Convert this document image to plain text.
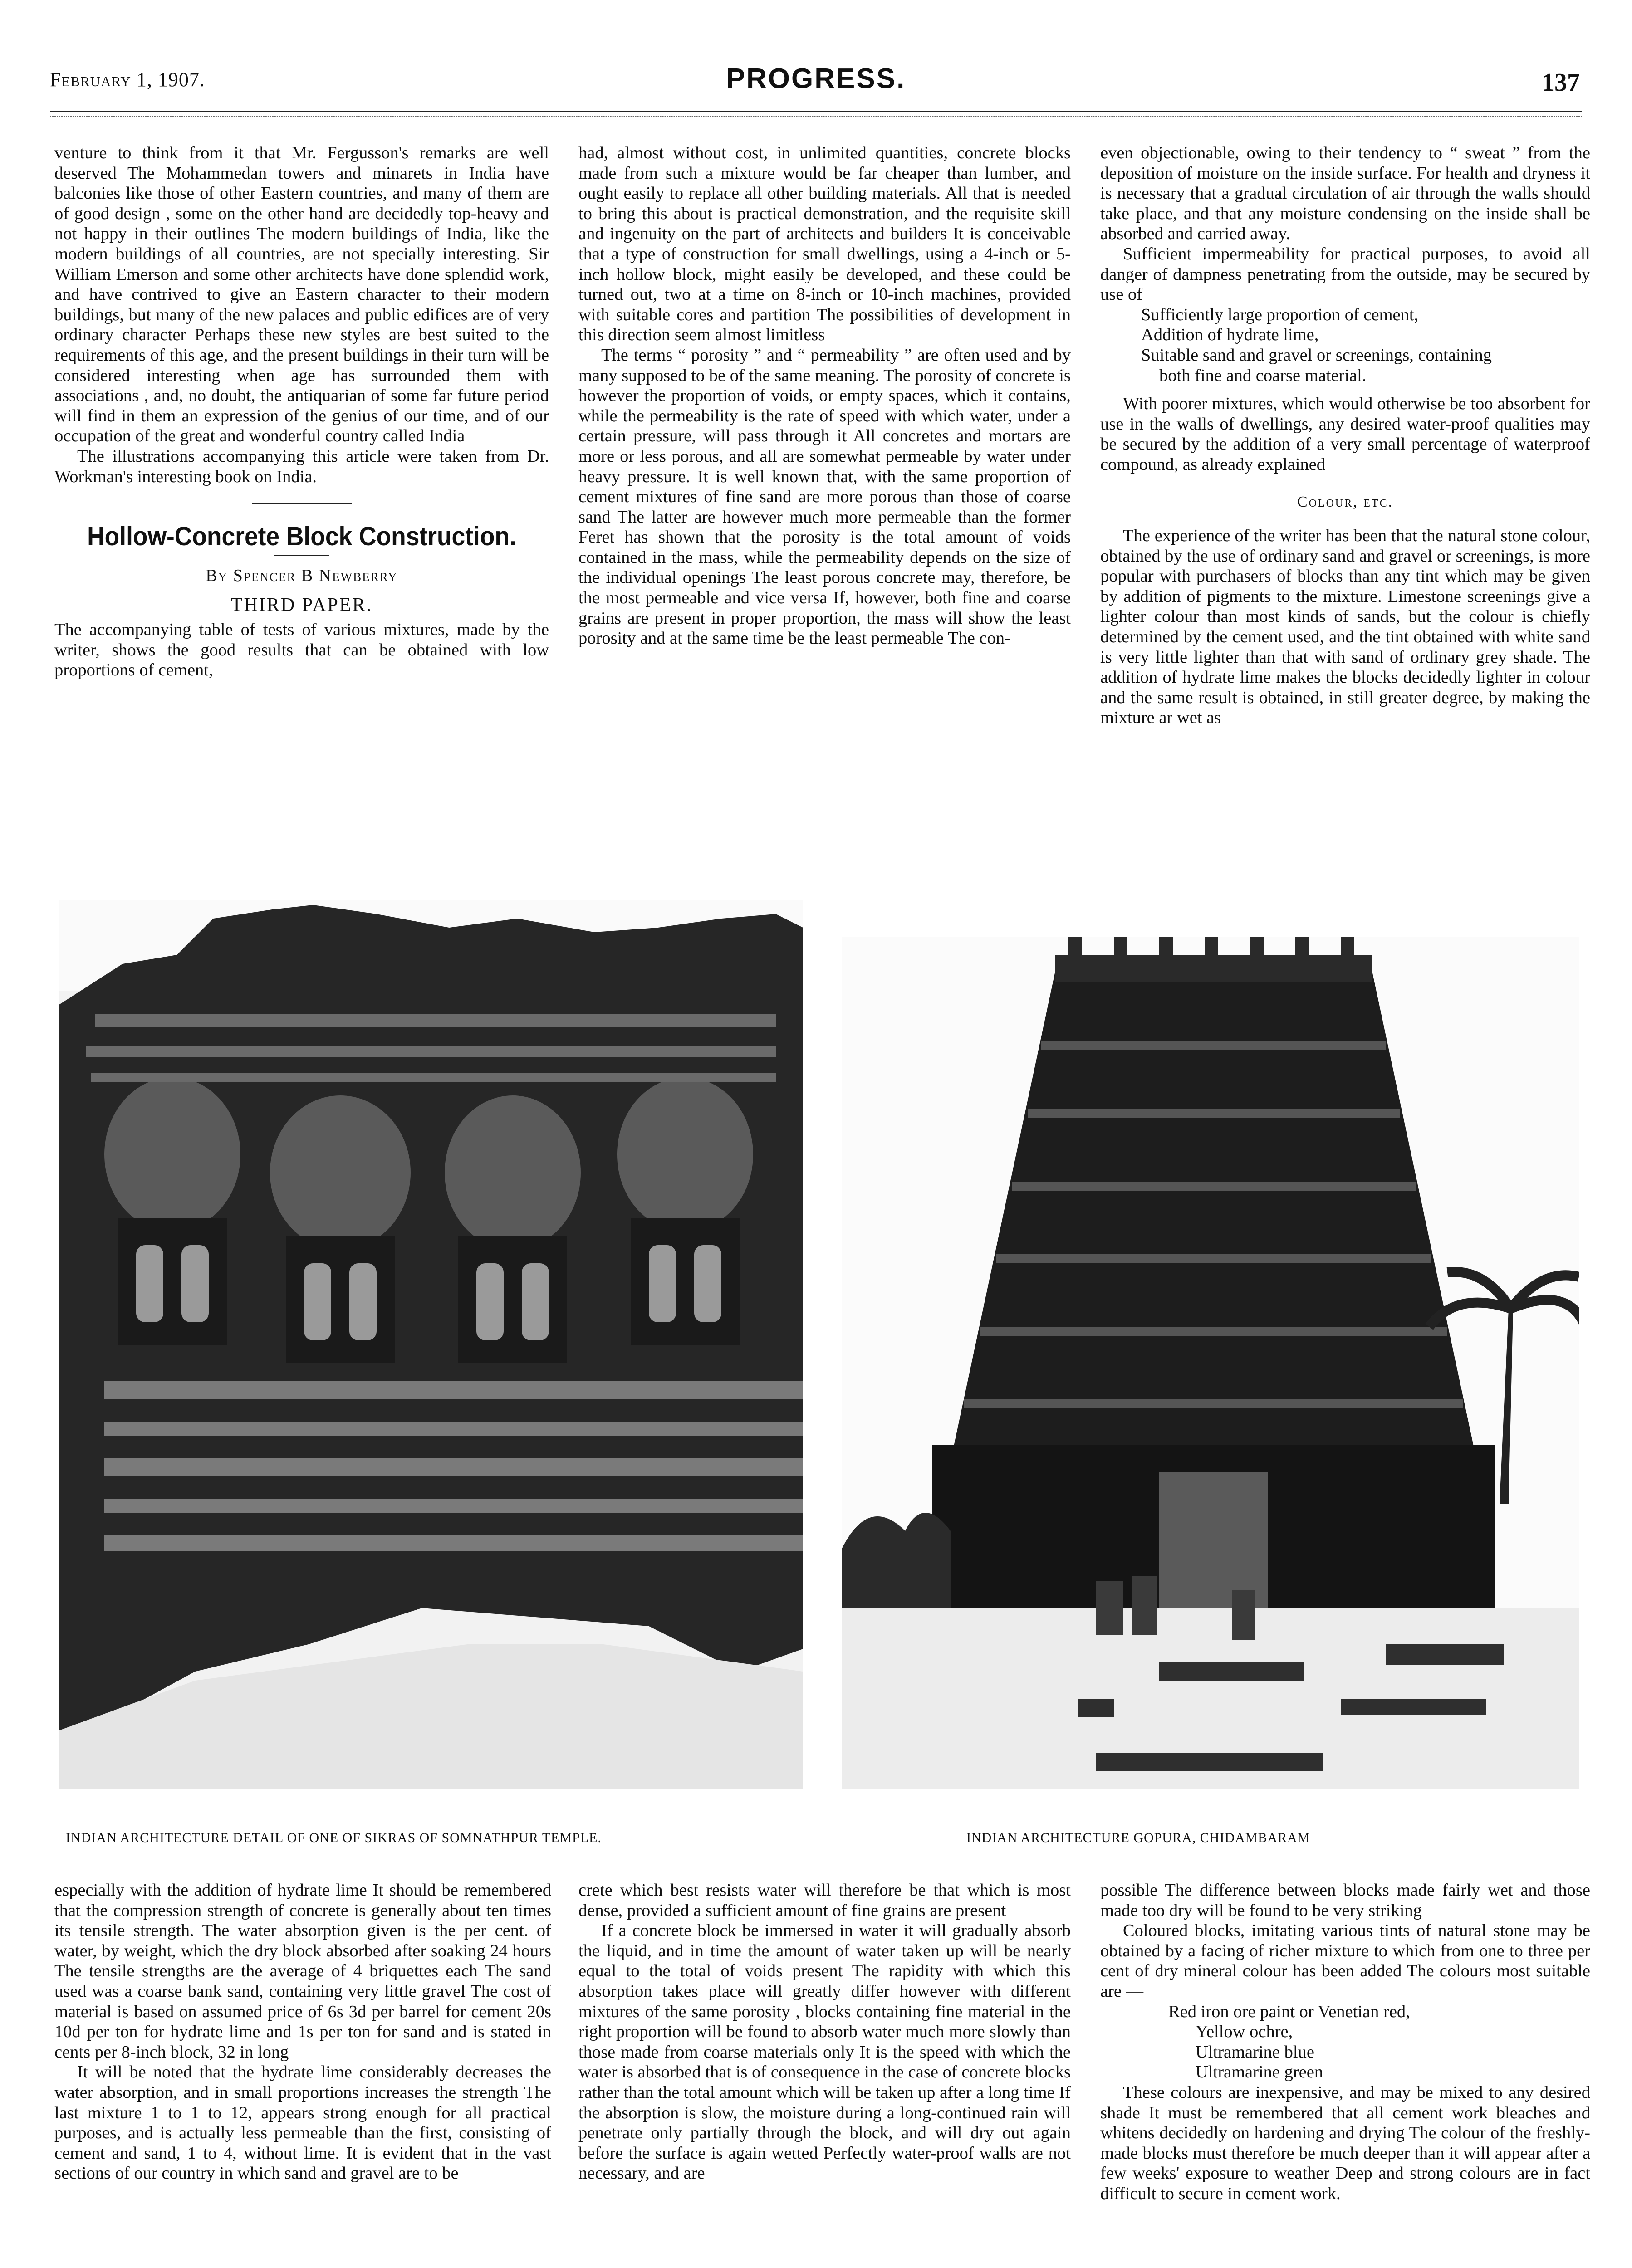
February 1, 1907.	PROGRESS.	137

venture to think from it that Mr. Fergusson's remarks are well deserved The Mohammedan towers and minarets in India have balconies like those of other Eastern countries, and many of them are of good design , some on the other hand are decidedly top-heavy and not happy in their outlines The modern buildings of India, like the modern buildings of all countries, are not specially interesting. Sir William Emerson and some other architects have done splendid work, and have contrived to give an Eastern character to their modern buildings, but many of the new palaces and public edifices are of very ordinary character Perhaps these new styles are best suited to the requirements of this age, and the present buildings in their turn will be considered interesting when age has surrounded them with associations , and, no doubt, the antiquarian of some far future period will find in them an expression of the genius of our time, and of our occupation of the great and wonderful country called India

The illustrations accompanying this article were taken from Dr. Workman's interesting book on India.

Hollow-Concrete Block Construction.
By Spencer B Newberry
THIRD PAPER.

The accompanying table of tests of various mixtures, made by the writer, shows the good results that can be obtained with low proportions of cement,

had, almost without cost, in unlimited quantities, concrete blocks made from such a mixture would be far cheaper than lumber, and ought easily to replace all other building materials. All that is needed to bring this about is practical demonstration, and the requisite skill and ingenuity on the part of architects and builders It is conceivable that a type of construction for small dwellings, using a 4-inch or 5-inch hollow block, might easily be developed, and these could be turned out, two at a time on 8-inch or 10-inch machines, provided with suitable cores and partition The possibilities of development in this direction seem almost limitless

The terms “ porosity ” and “ permeability ” are often used and by many supposed to be of the same meaning. The porosity of concrete is however the proportion of voids, or empty spaces, which it contains, while the permeability is the rate of speed with which water, under a certain pressure, will pass through it All concretes and mortars are more or less porous, and all are somewhat permeable by water under heavy pressure. It is well known that, with the same proportion of cement mixtures of fine sand are more porous than those of coarse sand The latter are however much more permeable than the former Feret has shown that the porosity is the total amount of voids contained in the mass, while the permeability depends on the size of the individual openings The least porous concrete may, therefore, be the most permeable and vice versa If, however, both fine and coarse grains are present in proper proportion, the mass will show the least porosity and at the same time be the least permeable The con-

even objectionable, owing to their tendency to “ sweat ” from the deposition of moisture on the inside surface. For health and dryness it is necessary that a gradual circulation of air through the walls should take place, and that any moisture condensing on the inside shall be absorbed and carried away.

Sufficient impermeability for practical purposes, to avoid all danger of dampness penetrating from the outside, may be secured by use of

Sufficiently large proportion of cement,

Addition of hydrate lime,

Suitable sand and gravel or screenings, containing

both fine and coarse material.

With poorer mixtures, which would otherwise be too absorbent for use in the walls of dwellings, any desired water-proof qualities may be secured by the addition of a very small percentage of waterproof compound, as already explained

Colour, etc.

The experience of the writer has been that the natural stone colour, obtained by the use of ordinary sand and gravel or screenings, is more popular with purchasers of blocks than any tint which may be given by addition of pigments to the mixture. Limestone screenings give a lighter colour than most kinds of sands, but the colour is chiefly determined by the cement used, and the tint obtained with white sand is very little lighter than that with sand of ordinary grey shade. The addition of hydrate lime makes the blocks decidedly lighter in colour and the same result is obtained, in still greater degree, by making the mixture ar wet as

INDIAN ARCHITECTURE DETAIL OF ONE OF SIKRAS OF SOMNATHPUR TEMPLE.	INDIAN ARCHITECTURE GOPURA, CHIDAMBARAM

especially with the addition of hydrate lime It should be remembered that the compression strength of concrete is generally about ten times its tensile strength. The water absorption given is the per cent. of water, by weight, which the dry block absorbed after soaking 24 hours The tensile strengths are the average of 4 briquettes each The sand used was a coarse bank sand, containing very little gravel The cost of material is based on assumed price of 6s 3d per barrel for cement 20s 10d per ton for hydrate lime and 1s per ton for sand and is stated in cents per 8-inch block, 32 in long

It will be noted that the hydrate lime considerably decreases the water absorption, and in small proportions increases the strength The last mixture 1 to 1 to 12, appears strong enough for all practical purposes, and is actually less permeable than the first, consisting of cement and sand, 1 to 4, without lime. It is evident that in the vast sections of our country in which sand and gravel are to be

crete which best resists water will therefore be that which is most dense, provided a sufficient amount of fine grains are present

If a concrete block be immersed in water it will gradually absorb the liquid, and in time the amount of water taken up will be nearly equal to the total of voids present The rapidity with which this absorption takes place will greatly differ however with different mixtures of the same porosity , blocks containing fine material in the right proportion will be found to absorb water much more slowly than those made from coarse materials only It is the speed with which the water is absorbed that is of consequence in the case of concrete blocks rather than the total amount which will be taken up after a long time If the absorption is slow, the moisture during a long-continued rain will penetrate only partially through the block, and will dry out again before the surface is again wetted Perfectly water-proof walls are not necessary, and are

possible The difference between blocks made fairly wet and those made too dry will be found to be very striking

Coloured blocks, imitating various tints of natural stone may be obtained by a facing of richer mixture to which from one to three per cent of dry mineral colour has been added The colours most suitable are —

Red iron ore paint or Venetian red,

Yellow ochre,

Ultramarine blue

Ultramarine green

These colours are inexpensive, and may be mixed to any desired shade It must be remembered that all cement work bleaches and whitens decidedly on hardening and drying The colour of the freshly-made blocks must therefore be much deeper than it will appear after a few weeks' exposure to weather Deep and strong colours are in fact difficult to secure in cement work.
